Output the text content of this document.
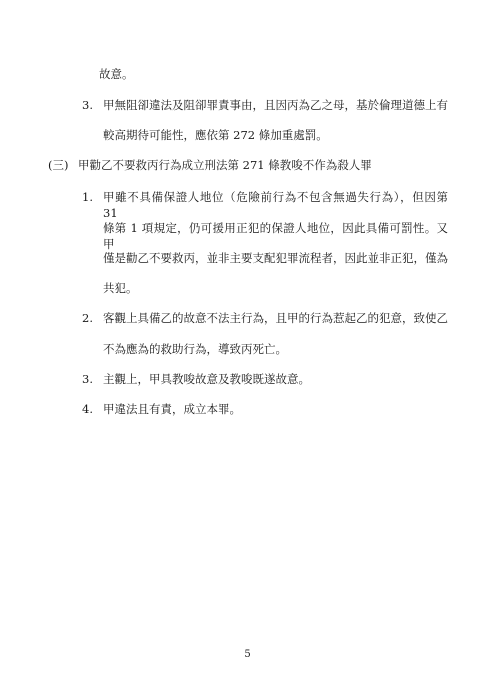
故意。
3. 甲無阻卻違法及阻卻罪責事由，且因丙為乙之母，基於倫理道德上有
較高期待可能性，應依第 272 條加重處罰。
(三) 甲勸乙不要救丙行為成立刑法第 271 條教唆不作為殺人罪
1. 甲雖不具備保證人地位（危險前行為不包含無過失行為），但因第 31
條第 1 項規定，仍可援用正犯的保證人地位，因此具備可罰性。又甲
僅是勸乙不要救丙，並非主要支配犯罪流程者，因此並非正犯，僅為
共犯。
2. 客觀上具備乙的故意不法主行為，且甲的行為惹起乙的犯意，致使乙
不為應為的救助行為，導致丙死亡。
3. 主觀上，甲具教唆故意及教唆既遂故意。
4. 甲違法且有責，成立本罪。
5
